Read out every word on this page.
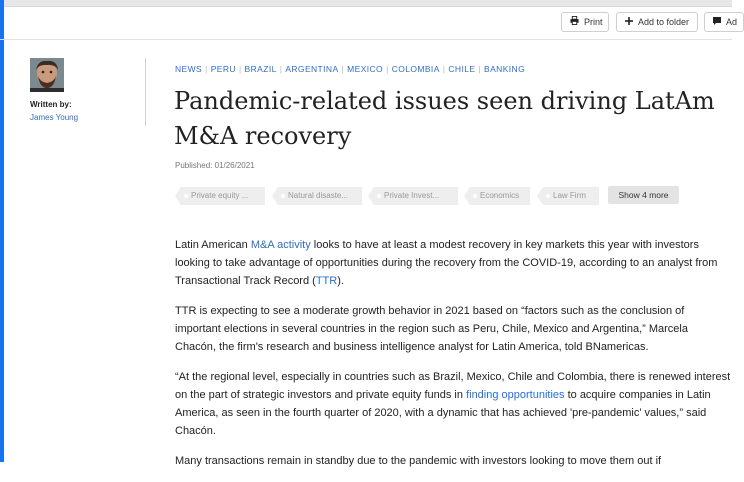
Print	Add to folder	Ad
Written by:
James Young
NEWS | PERU | BRAZIL | ARGENTINA | MEXICO | COLOMBIA | CHILE | BANKING
Pandemic-related issues seen driving LatAm M&A recovery
Published: 01/26/2021
Private equity ...	Natural disaste...	Private Invest...	Economics	Law Firm	Show 4 more

Latin American M&A activity looks to have at least a modest recovery in key markets this year with investors looking to take advantage of opportunities during the recovery from the COVID-19, according to an analyst from Transactional Track Record (TTR).

TTR is expecting to see a moderate growth behavior in 2021 based on “factors such as the conclusion of important elections in several countries in the region such as Peru, Chile, Mexico and Argentina,” Marcela Chacón, the firm's research and business intelligence analyst for Latin America, told BNamericas.

“At the regional level, especially in countries such as Brazil, Mexico, Chile and Colombia, there is renewed interest on the part of strategic investors and private equity funds in finding opportunities to acquire companies in Latin America, as seen in the fourth quarter of 2020, with a dynamic that has achieved 'pre-pandemic' values,” said Chacón.

Many transactions remain in standby due to the pandemic with investors looking to move them out if
